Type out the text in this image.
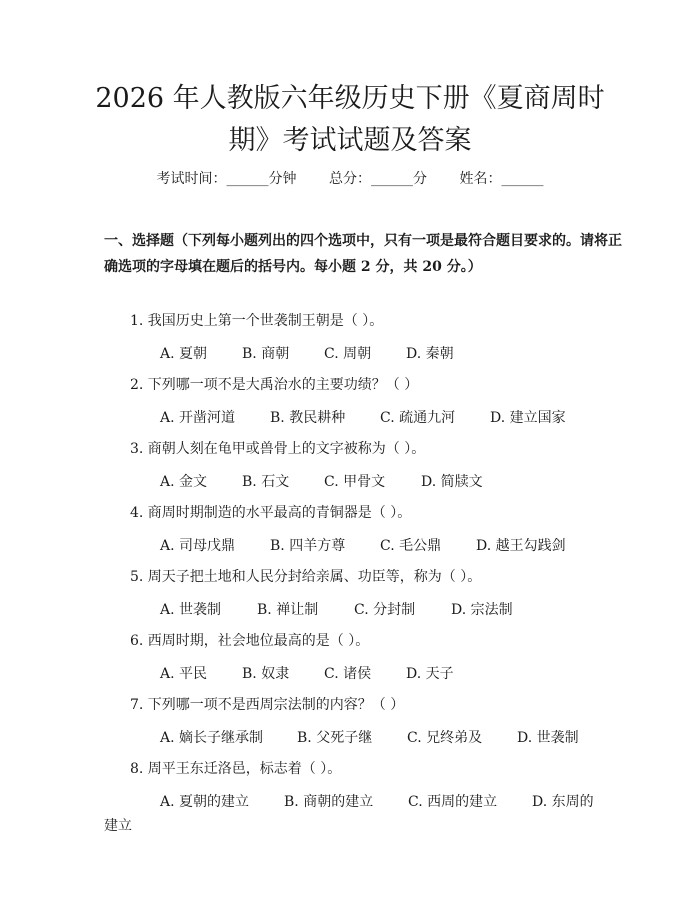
2026 年人教版六年级历史下册《夏商周时
期》考试试题及答案
考试时间：______分钟 总分：______分 姓名：______
一、选择题（下列每小题列出的四个选项中，只有一项是最符合题目要求的。请将正确选项的字母填在题后的括号内。每小题 2 分，共 20 分。）
1. 我国历史上第一个世袭制王朝是（ ）。
A. 夏朝 B. 商朝 C. 周朝 D. 秦朝
2. 下列哪一项不是大禹治水的主要功绩？（ ）
A. 开凿河道 B. 教民耕种 C. 疏通九河 D. 建立国家
3. 商朝人刻在龟甲或兽骨上的文字被称为（ ）。
A. 金文 B. 石文 C. 甲骨文	D. 简牍文
4. 商周时期制造的水平最高的青铜器是（ ）。
A. 司母戊鼎 B. 四羊方尊 C. 毛公鼎 D. 越王勾践剑
5. 周天子把土地和人民分封给亲属、功臣等，称为（ ）。
A. 世袭制	B. 禅让制	C. 分封制	D. 宗法制
6. 西周时期，社会地位最高的是（ ）。
A. 平民 B. 奴隶 C. 诸侯 D. 天子
7. 下列哪一项不是西周宗法制的内容？（ ）
A. 嫡长子继承制 B. 父死子继 C. 兄终弟及 D. 世袭制
8. 周平王东迁洛邑，标志着（ ）。
A. 夏朝的建立 B. 商朝的建立 C. 西周的建立 D. 东周的
建立
